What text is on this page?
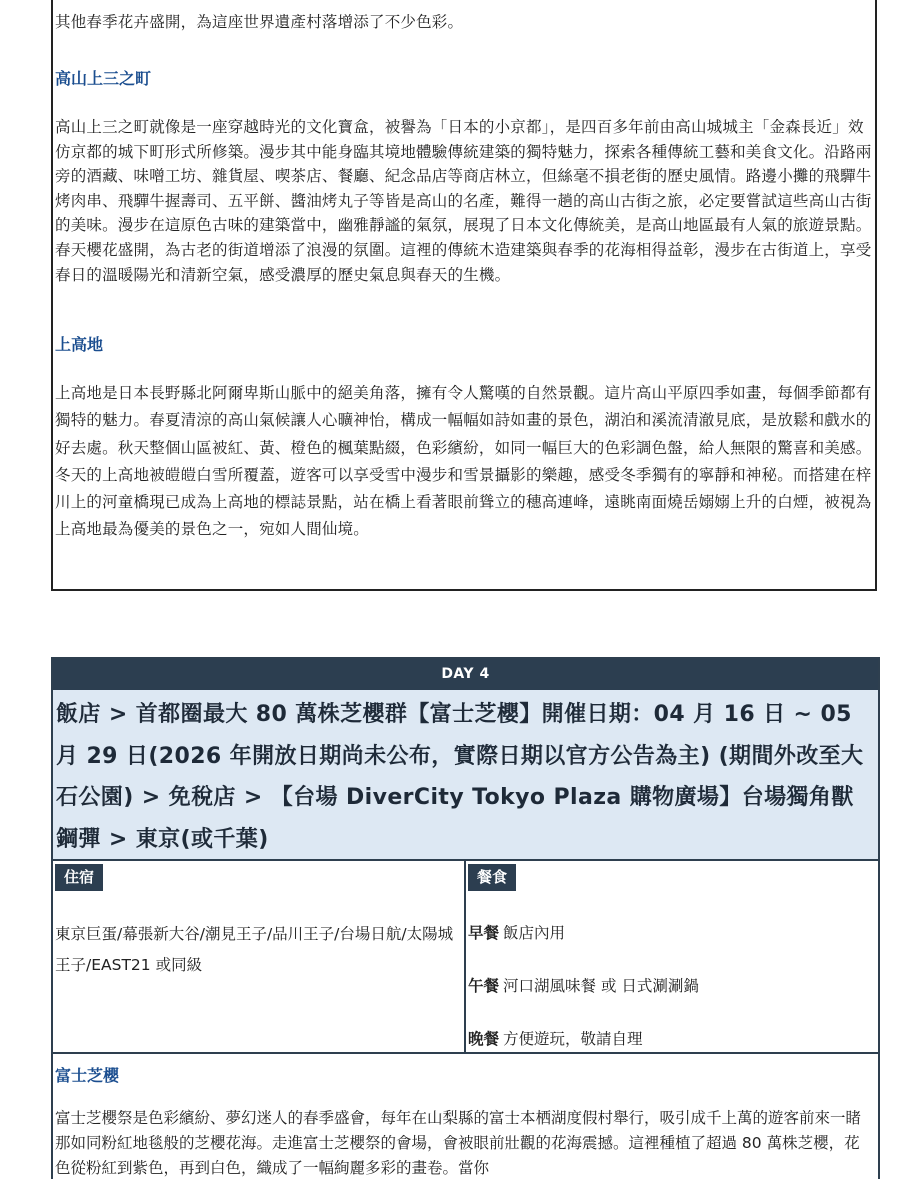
其他春季花卉盛開，為這座世界遺產村落增添了不少色彩。

高山上三之町

高山上三之町就像是一座穿越時光的文化寶盒，被譽為「日本的小京都」，是四百多年前由高山城城主「金森長近」效仿京都的城下町形式所修築。漫步其中能身臨其境地體驗傳統建築的獨特魅力，探索各種傳統工藝和美食文化。沿路兩旁的酒藏、味噌工坊、雜貨屋、喫茶店、餐廳、紀念品店等商店林立，但絲毫不損老街的歷史風情。路邊小攤的飛驒牛烤肉串、飛驒牛握壽司、五平餅、醬油烤丸子等皆是高山的名產，難得一趟的高山古街之旅，必定要嘗試這些高山古街的美味。漫步在這原色古味的建築當中，幽雅靜謐的氣氛，展現了日本文化傳統美，是高山地區最有人氣的旅遊景點。春天櫻花盛開，為古老的街道增添了浪漫的氛圍。這裡的傳統木造建築與春季的花海相得益彰，漫步在古街道上，享受春日的溫暖陽光和清新空氣，感受濃厚的歷史氣息與春天的生機。

上高地

上高地是日本長野縣北阿爾卑斯山脈中的絕美角落，擁有令人驚嘆的自然景觀。這片高山平原四季如畫，每個季節都有獨特的魅力。春夏清涼的高山氣候讓人心曠神怡，構成一幅幅如詩如畫的景色，湖泊和溪流清澈見底，是放鬆和戲水的好去處。秋天整個山區被紅、黃、橙色的楓葉點綴，色彩繽紛，如同一幅巨大的色彩調色盤，給人無限的驚喜和美感。冬天的上高地被皚皚白雪所覆蓋，遊客可以享受雪中漫步和雪景攝影的樂趣，感受冬季獨有的寧靜和神秘。而搭建在梓川上的河童橋現已成為上高地的標誌景點，站在橋上看著眼前聳立的穗高連峰，遠眺南面燒岳嫋嫋上升的白煙，被視為上高地最為優美的景色之一，宛如人間仙境。

DAY 4
飯店 > 首都圈最大 80 萬株芝櫻群【富士芝櫻】開催日期：04 月 16 日 ~ 05 月 29 日(2026 年開放日期尚未公布，實際日期以官方公告為主) (期間外改至大石公園) > 免稅店 > 【台場 DiverCity Tokyo Plaza 購物廣場】台場獨角獸鋼彈 > 東京(或千葉)
住宿

東京巨蛋/幕張新大谷/潮見王子/品川王子/台場日航/太陽城王子/EAST21 或同級

餐食

早餐 飯店內用

午餐 河口湖風味餐 或 日式涮涮鍋

晚餐 方便遊玩，敬請自理

富士芝櫻

富士芝櫻祭是色彩繽紛、夢幻迷人的春季盛會，每年在山梨縣的富士本栖湖度假村舉行，吸引成千上萬的遊客前來一睹那如同粉紅地毯般的芝櫻花海。走進富士芝櫻祭的會場，會被眼前壯觀的花海震撼。這裡種植了超過 80 萬株芝櫻，花色從粉紅到紫色，再到白色，織成了一幅絢麗多彩的畫卷。當你
